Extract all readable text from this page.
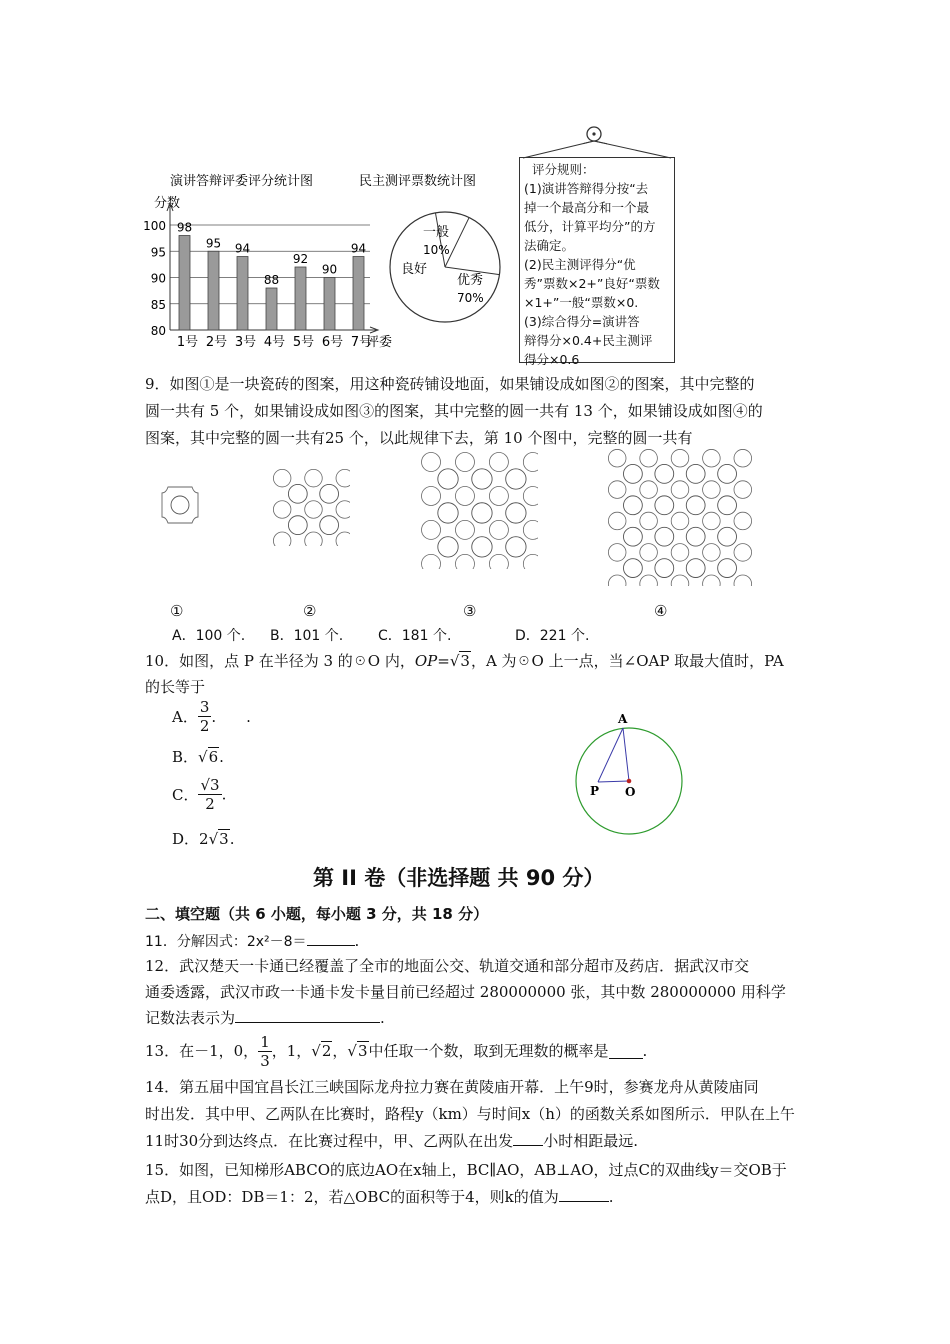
演讲答辩评委评分统计图
分数
80
85
90
95
100 98
1号
95
2号
94
3号
88
4号
92
5号
90
6号
94
7号
评委
民主测评票数统计图
一般
10%
良好
优秀
70%
评分规则：
(1)演讲答辩得分按“去
掉一个最高分和一个最
低分，计算平均分”的方
法确定。
(2)民主测评得分“优
秀”票数×2+”良好“票数
×1+”一般“票数×0.
(3)综合得分=演讲答
辩得分×0.4+民主测评
得分×0.6
9．如图①是一块瓷砖的图案，用这种瓷砖铺设地面，如果铺设成如图②的图案，其中完整的
圆一共有 5 个，如果铺设成如图③的图案，其中完整的圆一共有 13 个，如果铺设成如图④的
图案，其中完整的圆一共有25 个，以此规律下去，第 10 个图中，完整的圆一共有
①	②	③	④
A．100 个. B．101 个. C．181 个.	D．221 个.
10．如图，点 P 在半径为 3 的☉O 内，OP=√3，A 为☉O 上一点，当∠OAP 取最大值时，PA
的长等于
A． $\frac{3}{2}$ .　　.
B．√6.
C． $\frac{√3}{2}$ .
D．2√3.
A
P O
第 II 卷（非选择题 共 90 分）
二、填空题（共 6 小题，每小题 3 分，共 18 分）
11．分解因式：2x²－8＝	.
12．武汉楚天一卡通已经覆盖了全市的地面公交、轨道交通和部分超市及药店．据武汉市交
通委透露，武汉市政一卡通卡发卡量目前已经超过 280000000 张，其中数 280000000 用科学
记数法表示为	.
13．在－1，0， $\frac{1}{3}$ ，1，√2，√3中任取一个数，取到无理数的概率是 .
14．第五届中国宜昌长江三峡国际龙舟拉力赛在黄陵庙开幕．上午9时，参赛龙舟从黄陵庙同
时出发．其中甲、乙两队在比赛时，路程y（km）与时间x（h）的函数关系如图所示．甲队在上午
11时30分到达终点．在比赛过程中，甲、乙两队在出发 小时相距最远.
15．如图，已知梯形ABCO的底边AO在x轴上，BC∥AO，AB⊥AO，过点C的双曲线y＝交OB于
点D，且OD：DB＝1：2，若△OBC的面积等于4，则k的值为	.
